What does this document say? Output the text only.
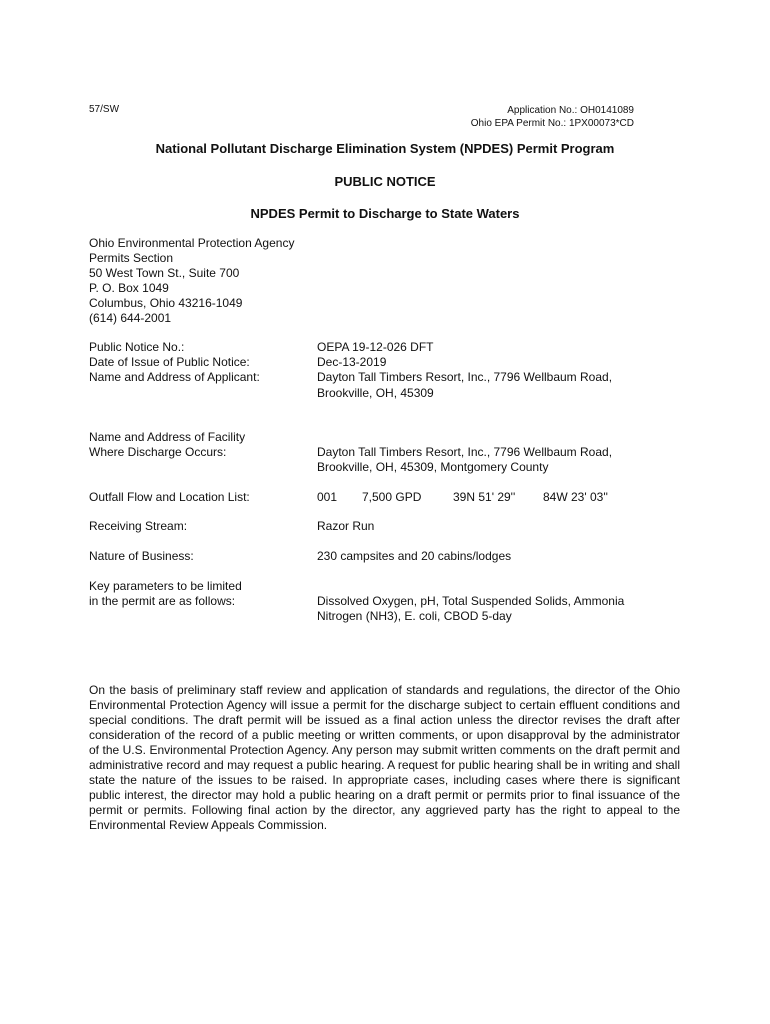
57/SW	Application No.: OH0141089
Ohio EPA Permit No.: 1PX00073*CD
National Pollutant Discharge Elimination System (NPDES) Permit Program
PUBLIC NOTICE
NPDES Permit to Discharge to State Waters
Ohio Environmental Protection Agency
Permits Section
50 West Town St., Suite 700
P. O. Box 1049
Columbus, Ohio 43216-1049
(614) 644-2001
Public Notice No.:	OEPA 19-12-026 DFT
Date of Issue of Public Notice:	Dec-13-2019
Name and Address of Applicant:	Dayton Tall Timbers Resort, Inc., 7796 Wellbaum Road,
Brookville, OH, 45309
Name and Address of Facility
Where Discharge Occurs:	Dayton Tall Timbers Resort, Inc., 7796 Wellbaum Road,
Brookville, OH, 45309, Montgomery County
Outfall Flow and Location List:	001 7,500 GPD	39N 51' 29'' 84W 23' 03''
Receiving Stream:	Razor Run
Nature of Business:	230 campsites and 20 cabins/lodges
Key parameters to be limited
in the permit are as follows:	Dissolved Oxygen, pH, Total Suspended Solids, Ammonia
Nitrogen (NH3), E. coli, CBOD 5-day
On the basis of preliminary staff review and application of standards and regulations, the director of the Ohio Environmental Protection Agency will issue a permit for the discharge subject to certain effluent conditions and special conditions. The draft permit will be issued as a final action unless the director revises the draft after consideration of the record of a public meeting or written comments, or upon disapproval by the administrator of the U.S. Environmental Protection Agency. Any person may submit written comments on the draft permit and administrative record and may request a public hearing. A request for public hearing shall be in writing and shall state the nature of the issues to be raised. In appropriate cases, including cases where there is significant public interest, the director may hold a public hearing on a draft permit or permits prior to final issuance of the permit or permits. Following final action by the director, any aggrieved party has the right to appeal to the Environmental Review Appeals Commission.
